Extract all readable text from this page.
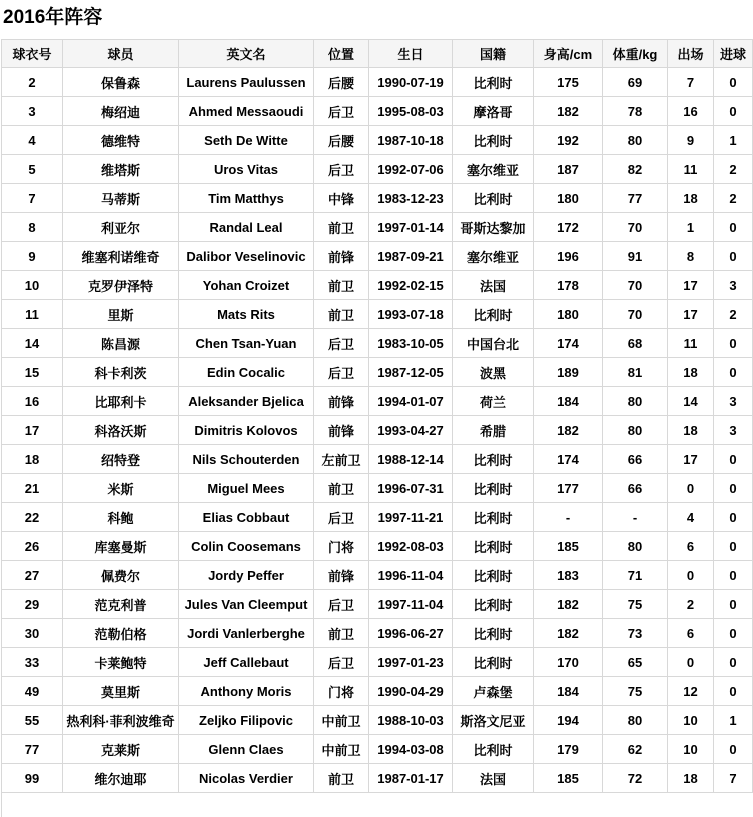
2016年阵容
球衣号	球员	英文名	位置	生日	国籍	身高/cm	体重/kg	出场	进球
2	保鲁森	Laurens Paulussen	后腰	1990-07-19	比利时	175	69	7	0
3	梅绍迪	Ahmed Messaoudi	后卫	1995-08-03	摩洛哥	182	78	16	0
4	德维特	Seth De Witte	后腰	1987-10-18	比利时	192	80	9	1
5	维塔斯	Uros Vitas	后卫	1992-07-06	塞尔维亚	187	82	11	2
7	马蒂斯	Tim Matthys	中锋	1983-12-23	比利时	180	77	18	2
8	利亚尔	Randal Leal	前卫	1997-01-14	哥斯达黎加	172	70	1	0
9	维塞利诺维奇	Dalibor Veselinovic	前锋	1987-09-21	塞尔维亚	196	91	8	0
10	克罗伊泽特	Yohan Croizet	前卫	1992-02-15	法国	178	70	17	3
11	里斯	Mats Rits	前卫	1993-07-18	比利时	180	70	17	2
14	陈昌源	Chen Tsan-Yuan	后卫	1983-10-05	中国台北	174	68	11	0
15	科卡利茨	Edin Cocalic	后卫	1987-12-05	波黑	189	81	18	0
16	比耶利卡	Aleksander Bjelica	前锋	1994-01-07	荷兰	184	80	14	3
17	科洛沃斯	Dimitris Kolovos	前锋	1993-04-27	希腊	182	80	18	3
18	绍特登	Nils Schouterden	左前卫	1988-12-14	比利时	174	66	17	0
21	米斯	Miguel Mees	前卫	1996-07-31	比利时	177	66	0	0
22	科鲍	Elias Cobbaut	后卫	1997-11-21	比利时	-	-	4	0
26	库塞曼斯	Colin Coosemans	门将	1992-08-03	比利时	185	80	6	0
27	佩费尔	Jordy Peffer	前锋	1996-11-04	比利时	183	71	0	0
29	范克利普	Jules Van Cleemput	后卫	1997-11-04	比利时	182	75	2	0
30	范勒伯格	Jordi Vanlerberghe	前卫	1996-06-27	比利时	182	73	6	0
33	卡莱鲍特	Jeff Callebaut	后卫	1997-01-23	比利时	170	65	0	0
49	莫里斯	Anthony Moris	门将	1990-04-29	卢森堡	184	75	12	0
55	热利科·菲利波维奇	Zeljko Filipovic	中前卫	1988-10-03	斯洛文尼亚	194	80	10	1
77	克莱斯	Glenn Claes	中前卫	1994-03-08	比利时	179	62	10	0
99	维尔迪耶	Nicolas Verdier	前卫	1987-01-17	法国	185	72	18	7
